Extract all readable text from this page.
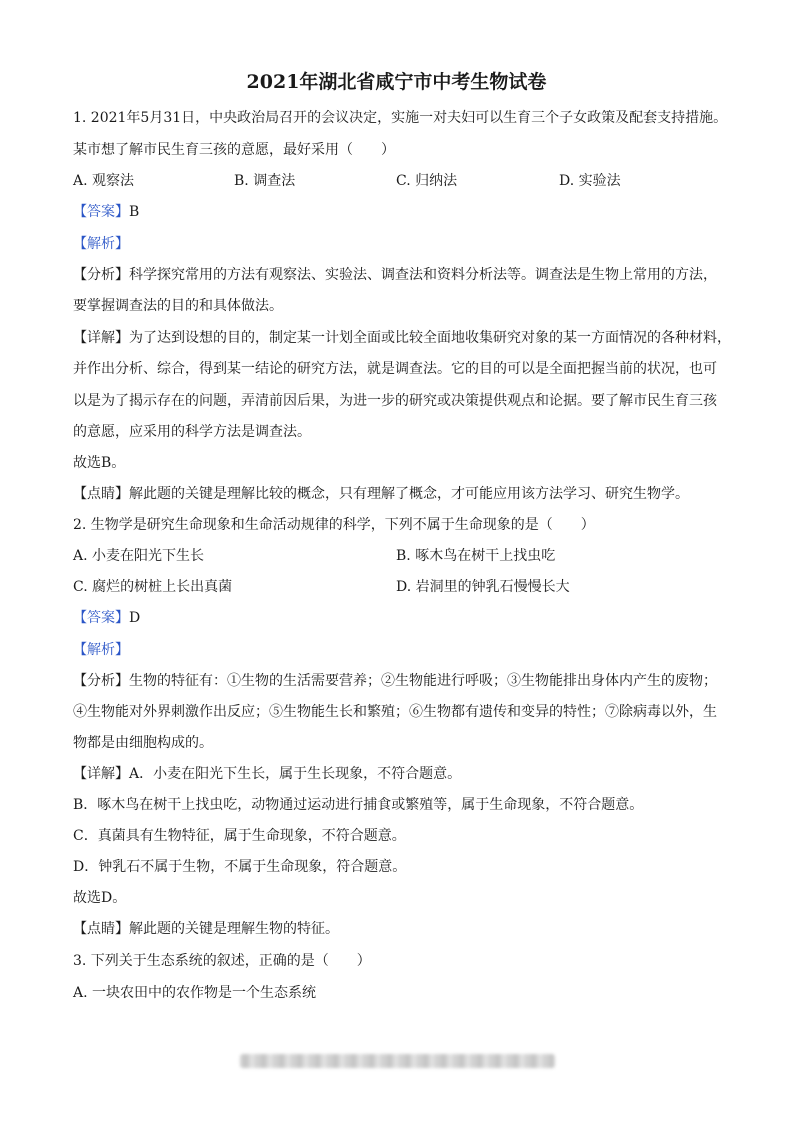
2021年湖北省咸宁市中考生物试卷
1. 2021年5月31日，中央政治局召开的会议决定，实施一对夫妇可以生育三个子女政策及配套支持措施。
某市想了解市民生育三孩的意愿，最好采用（　　）
A. 观察法	B. 调查法	C. 归纳法	D. 实验法
【答案】B
【解析】
【分析】科学探究常用的方法有观察法、实验法、调查法和资料分析法等。调查法是生物上常用的方法，
要掌握调查法的目的和具体做法。
【详解】为了达到设想的目的，制定某一计划全面或比较全面地收集研究对象的某一方面情况的各种材料，
并作出分析、综合，得到某一结论的研究方法，就是调查法。它的目的可以是全面把握当前的状况，也可
以是为了揭示存在的问题，弄清前因后果，为进一步的研究或决策提供观点和论据。要了解市民生育三孩
的意愿，应采用的科学方法是调查法。
故选B。
【点睛】解此题的关键是理解比较的概念，只有理解了概念，才可能应用该方法学习、研究生物学。
2. 生物学是研究生命现象和生命活动规律的科学，下列不属于生命现象的是（　　）
A. 小麦在阳光下生长	B. 啄木鸟在树干上找虫吃
C. 腐烂的树桩上长出真菌	D. 岩洞里的钟乳石慢慢长大
【答案】D
【解析】
【分析】生物的特征有：①生物的生活需要营养；②生物能进行呼吸；③生物能排出身体内产生的废物；
④生物能对外界刺激作出反应；⑤生物能生长和繁殖；⑥生物都有遗传和变异的特性；⑦除病毒以外，生
物都是由细胞构成的。
【详解】A．小麦在阳光下生长，属于生长现象，不符合题意。
B．啄木鸟在树干上找虫吃，动物通过运动进行捕食或繁殖等，属于生命现象，不符合题意。
C．真菌具有生物特征，属于生命现象，不符合题意。
D．钟乳石不属于生物，不属于生命现象，符合题意。
故选D。
【点睛】解此题的关键是理解生物的特征。
3. 下列关于生态系统的叙述，正确的是（　　）
A. 一块农田中的农作物是一个生态系统
